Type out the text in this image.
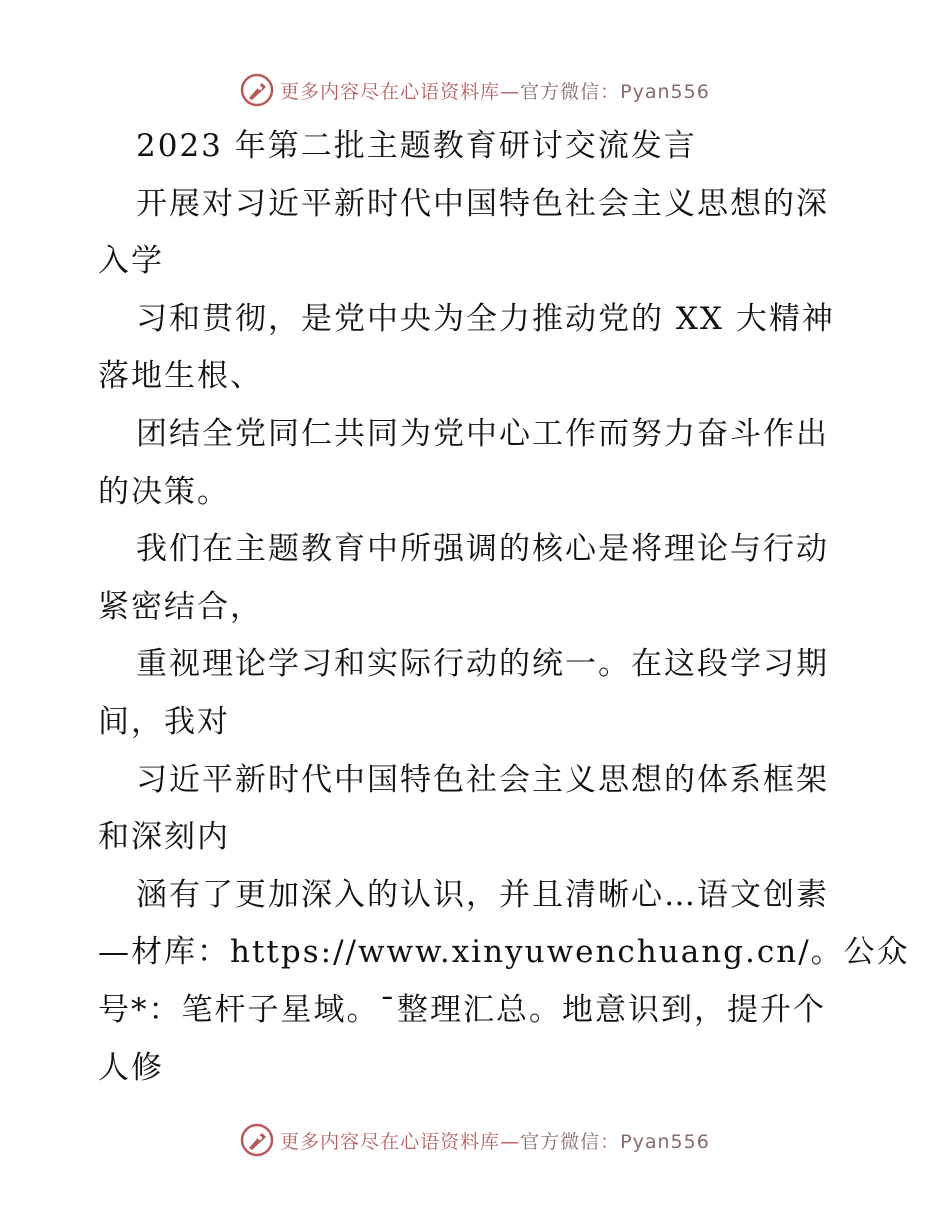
更多内容尽在心语资料库—官方微信：Pyan556
2023 年第二批主题教育研讨交流发言
开展对习近平新时代中国特色社会主义思想的深
入学
习和贯彻，是党中央为全力推动党的 XX 大精神
落地生根、
团结全党同仁共同为党中心工作而努力奋斗作出
的决策。
我们在主题教育中所强调的核心是将理论与行动
紧密结合，
重视理论学习和实际行动的统一。在这段学习期
间，我对
习近平新时代中国特色社会主义思想的体系框架
和深刻内
涵有了更加深入的认识，并且清晰心…语文创素
—材库：https://www.xinyuwenchuang.cn/。公众
号*：笔杆子星域。¯整理汇总。地意识到，提升个
人修
更多内容尽在心语资料库—官方微信：Pyan556
